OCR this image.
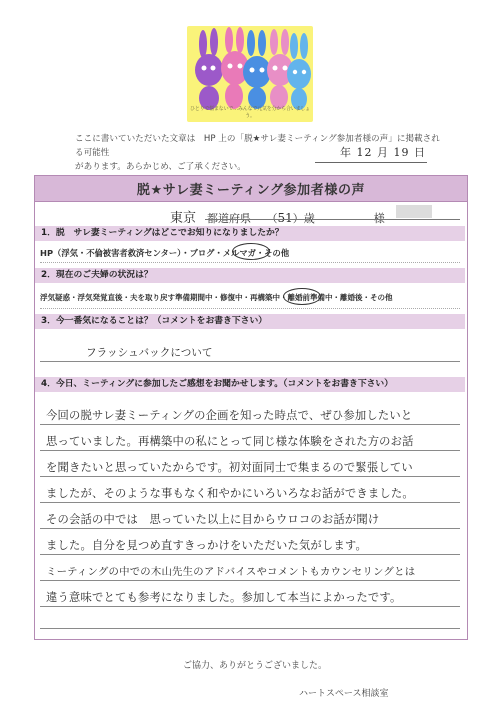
ひとりで悩まないで…みんなで元気を分かち合いましょう。
ここに書いていただいた文章は　HP 上の「脱★サレ妻ミーティング参加者様の声」に掲載される可能性
があります。あらかじめ、ご了承ください。
年 12 月 19 日
脱★サレ妻ミーティング参加者様の声
東京 都道府県 （51）歳	様
1．脱　サレ妻ミーティングはどこでお知りになりましたか？
HP（浮気・不倫被害者救済センター）・ブログ・メルマガ・その他
2．現在のご夫婦の状況は？
浮気疑惑・浮気発覚直後・夫を取り戻す準備期間中・修復中・再構築中・離婚前準備中・離婚後・その他
3．今一番気になることは？（コメントをお書き下さい）
フラッシュバックについて
4．今日、ミーティングに参加したご感想をお聞かせします。（コメントをお書き下さい）
今回の脱サレ妻ミーティングの企画を知った時点で、ぜひ参加したいと
思っていました。再構築中の私にとって同じ様な体験をされた方のお話
を聞きたいと思っていたからです。初対面同士で集まるので緊張してい
ましたが、そのような事もなく和やかにいろいろなお話ができました。
その会話の中では　思っていた以上に目からウロコのお話が聞け
ました。自分を見つめ直すきっかけをいただいた気がします。
ミーティングの中での木山先生のアドバイスやコメントもカウンセリングとは
違う意味でとても参考になりました。参加して本当によかったです。
ご協力、ありがとうございました。
ハートスペース相談室
